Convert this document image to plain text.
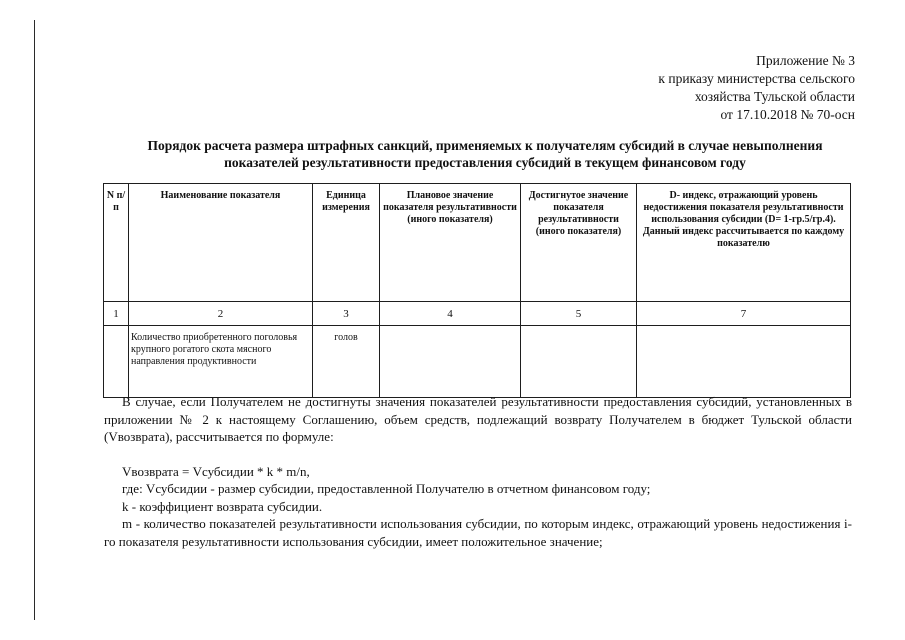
Приложение № 3
к приказу министерства сельского
хозяйства Тульской области
от 17.10.2018 № 70-осн
Порядок расчета размера штрафных санкций, применяемых к получателям субсидий в случае невыполнения
показателей результативности предоставления субсидий в текущем финансовом году
N п/п	Наименование показателя	Единица измерения	Плановое значение показателя результативности (иного показателя)	Достигнутое значение показателя результативности (иного показателя)	D- индекс, отражающий уровень недостижения показателя результативности использования субсидии (D= 1-гр.5/гр.4). Данный индекс рассчитывается по каждому показателю
1	2	3	4	5	7
	Количество приобретенного поголовья крупного рогатого скота мясного направления продуктивности	голов			

В случае, если Получателем не достигнуты значения показателей результативности предоставления субсидий, установленных в приложении № 2 к настоящему Соглашению, объем средств, подлежащий возврату Получателем в бюджет Тульской области (Vвозврата), рассчитывается по формуле:

Vвозврата = Vсубсидии * k * m/n,

где: Vсубсидии - размер субсидии, предоставленной Получателю в отчетном финансовом году;

k - коэффициент возврата субсидии.

m - количество показателей результативности использования субсидии, по которым индекс, отражающий уровень недостижения i-го показателя результативности использования субсидии, имеет положительное значение;
